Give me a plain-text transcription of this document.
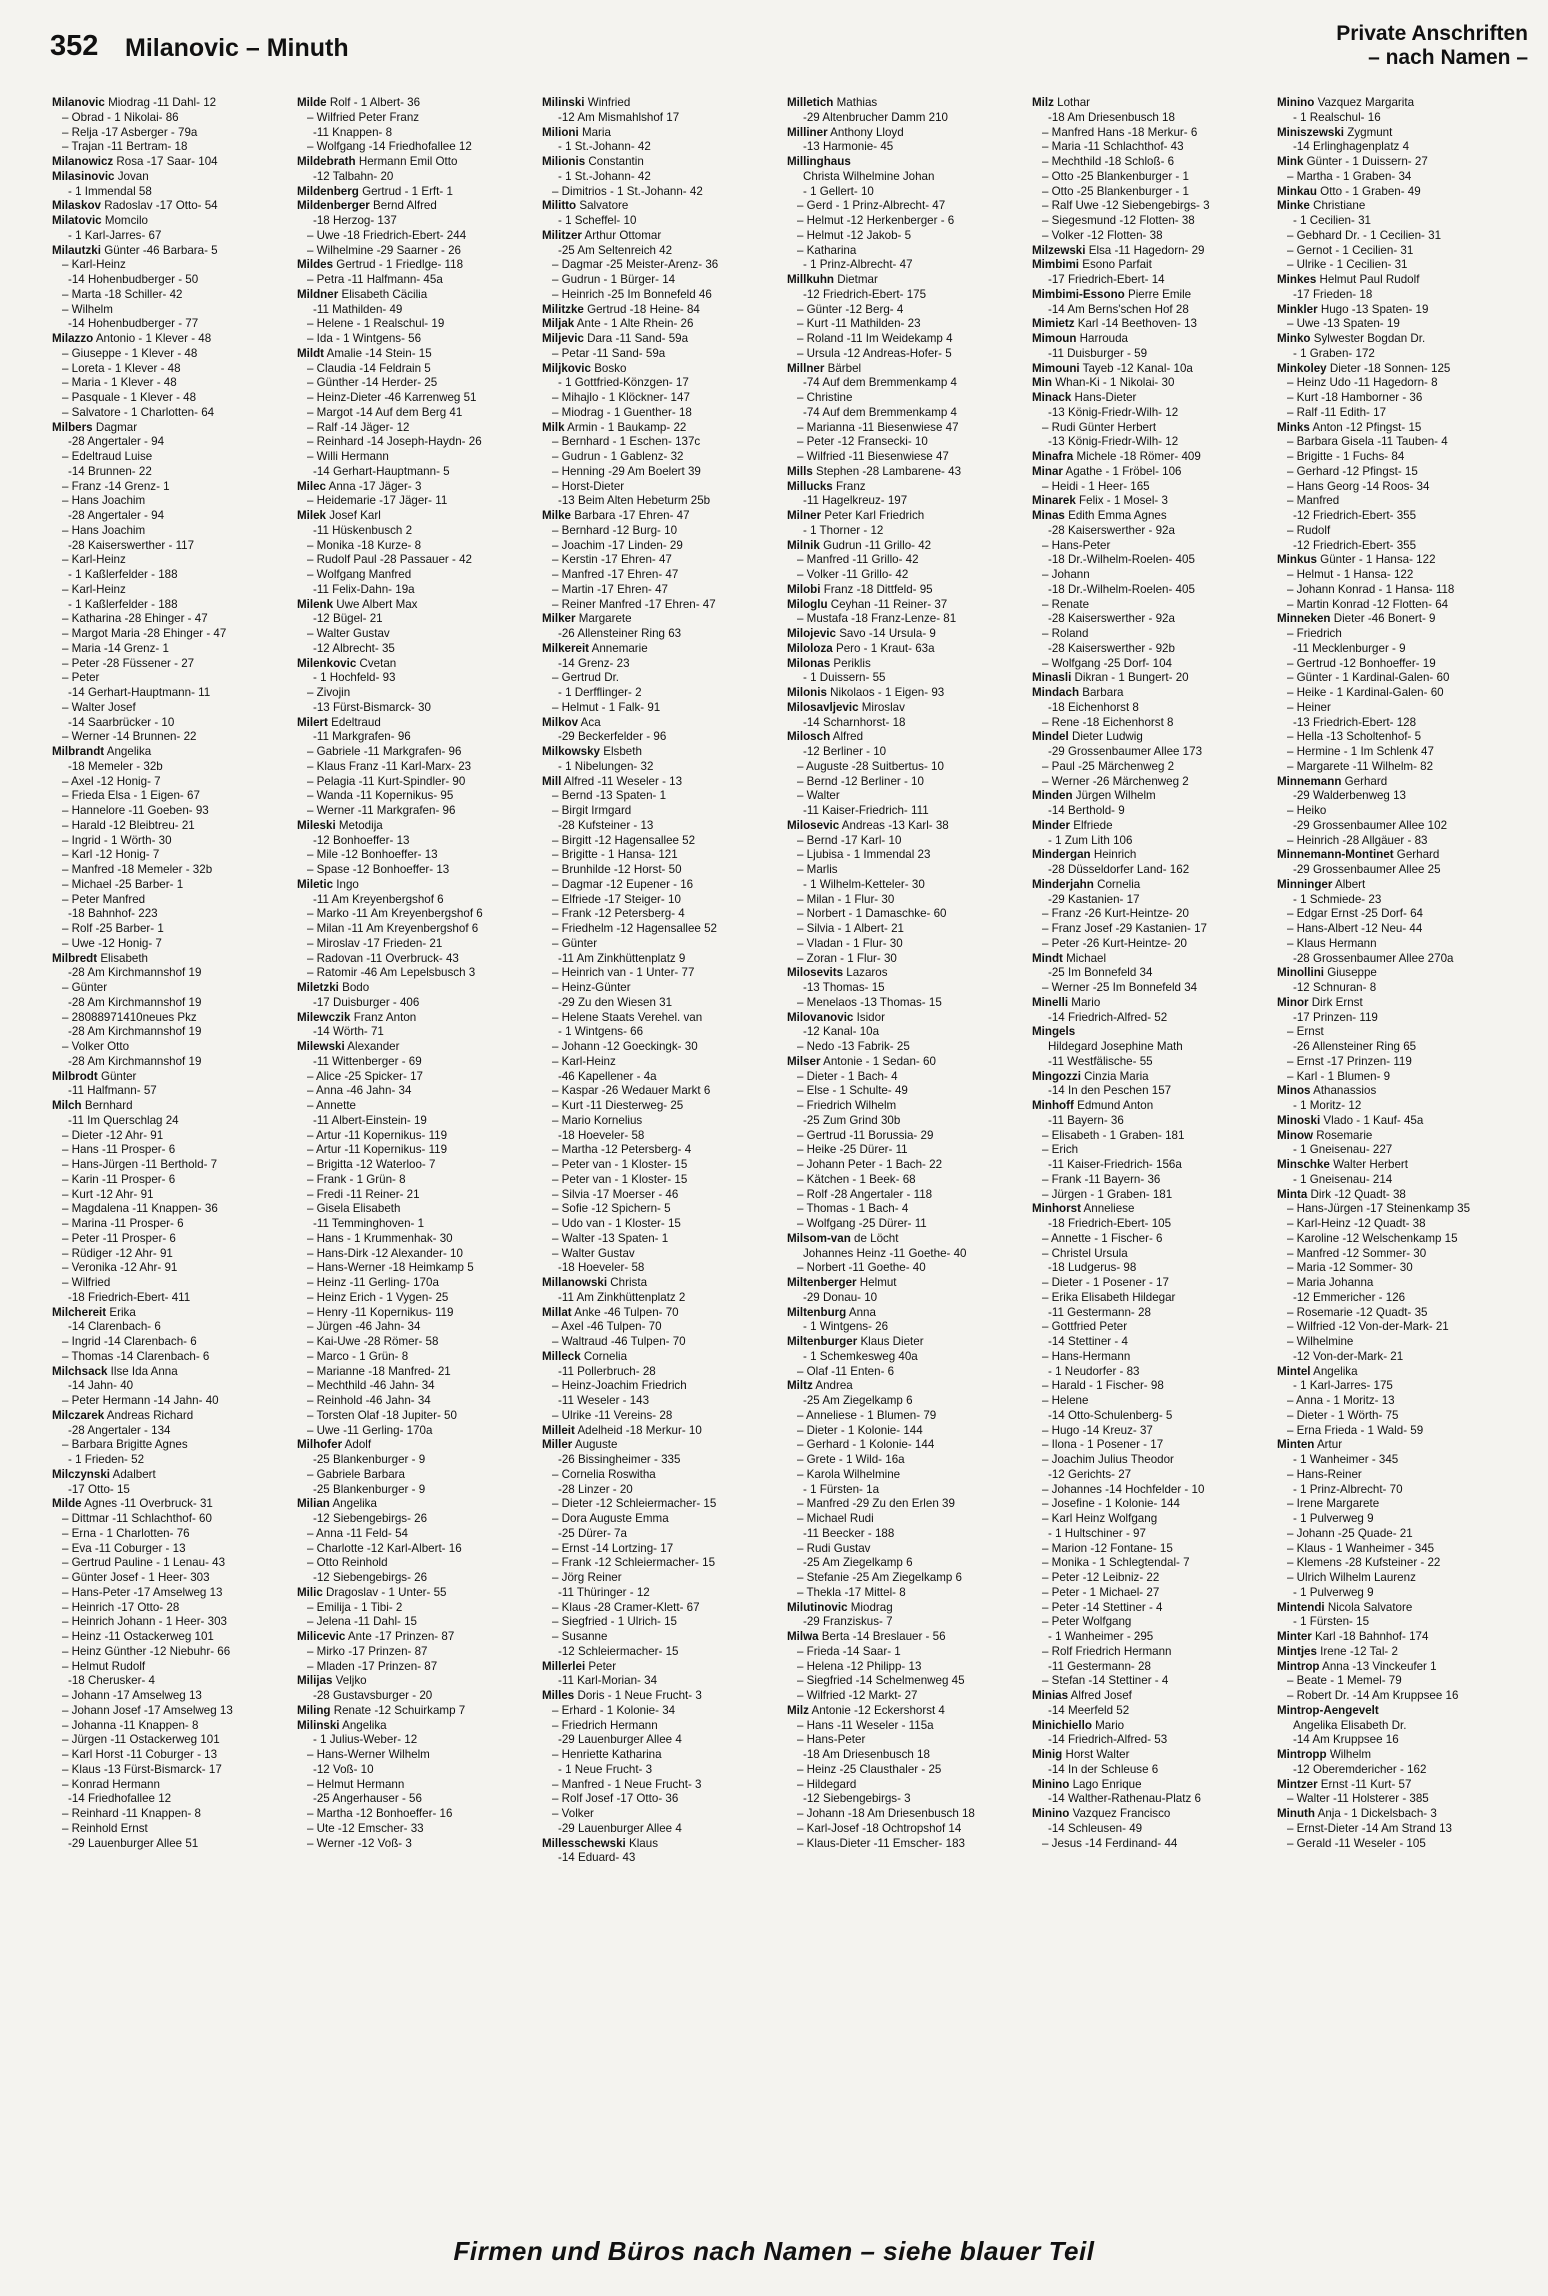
352 Milanovic – Minuth
Private Anschriften
– nach Namen –
Milanovic Miodrag -11 Dahl- 12
– Obrad - 1 Nikolai- 86
– Relja -17 Asberger - 79a
– Trajan -11 Bertram- 18
Milanowicz Rosa -17 Saar- 104
Milasinovic Jovan
- 1 Immendal 58
Milaskov Radoslav -17 Otto- 54
Milatovic Momcilo
- 1 Karl-Jarres- 67
Milautzki Günter -46 Barbara- 5
– Karl-Heinz
-14 Hohenbudberger - 50
– Marta -18 Schiller- 42
– Wilhelm
-14 Hohenbudberger - 77
Milazzo Antonio - 1 Klever - 48
– Giuseppe - 1 Klever - 48
– Loreta - 1 Klever - 48
– Maria - 1 Klever - 48
– Pasquale - 1 Klever - 48
– Salvatore - 1 Charlotten- 64
Milbers Dagmar
-28 Angertaler - 94
– Edeltraud Luise
-14 Brunnen- 22
– Franz -14 Grenz- 1
– Hans Joachim
-28 Angertaler - 94
– Hans Joachim
-28 Kaiserswerther - 117
– Karl-Heinz
- 1 Kaßlerfelder - 188
– Karl-Heinz
- 1 Kaßlerfelder - 188
– Katharina -28 Ehinger - 47
– Margot Maria -28 Ehinger - 47
– Maria -14 Grenz- 1
– Peter -28 Füssener - 27
– Peter
-14 Gerhart-Hauptmann- 11
– Walter Josef
-14 Saarbrücker - 10
– Werner -14 Brunnen- 22
Milbrandt Angelika
-18 Memeler - 32b
– Axel -12 Honig- 7
– Frieda Elsa - 1 Eigen- 67
– Hannelore -11 Goeben- 93
– Harald -12 Bleibtreu- 21
– Ingrid - 1 Wörth- 30
– Karl -12 Honig- 7
– Manfred -18 Memeler - 32b
– Michael -25 Barber- 1
– Peter Manfred
-18 Bahnhof- 223
– Rolf -25 Barber- 1
– Uwe -12 Honig- 7
Milbredt Elisabeth
-28 Am Kirchmannshof 19
– Günter
-28 Am Kirchmannshof 19
– 28088971410neues Pkz
-28 Am Kirchmannshof 19
– Volker Otto
-28 Am Kirchmannshof 19
Milbrodt Günter
-11 Halfmann- 57
Milch Bernhard
-11 Im Querschlag 24
– Dieter -12 Ahr- 91
– Hans -11 Prosper- 6
– Hans-Jürgen -11 Berthold- 7
– Karin -11 Prosper- 6
– Kurt -12 Ahr- 91
– Magdalena -11 Knappen- 36
– Marina -11 Prosper- 6
– Peter -11 Prosper- 6
– Rüdiger -12 Ahr- 91
– Veronika -12 Ahr- 91
– Wilfried
-18 Friedrich-Ebert- 411
Milchereit Erika
-14 Clarenbach- 6
– Ingrid -14 Clarenbach- 6
– Thomas -14 Clarenbach- 6
Milchsack Ilse Ida Anna
-14 Jahn- 40
– Peter Hermann -14 Jahn- 40
Milczarek Andreas Richard
-28 Angertaler - 134
– Barbara Brigitte Agnes
- 1 Frieden- 52
Milczynski Adalbert
-17 Otto- 15
Milde Agnes -11 Overbruck- 31
– Dittmar -11 Schlachthof- 60
– Erna - 1 Charlotten- 76
– Eva -11 Coburger - 13
– Gertrud Pauline - 1 Lenau- 43
– Günter Josef - 1 Heer- 303
– Hans-Peter -17 Amselweg 13
– Heinrich -17 Otto- 28
– Heinrich Johann - 1 Heer- 303
– Heinz -11 Ostackerweg 101
– Heinz Günther -12 Niebuhr- 66
– Helmut Rudolf
-18 Cherusker- 4
– Johann -17 Amselweg 13
– Johann Josef -17 Amselweg 13
– Johanna -11 Knappen- 8
– Jürgen -11 Ostackerweg 101
– Karl Horst -11 Coburger - 13
– Klaus -13 Fürst-Bismarck- 17
– Konrad Hermann
-14 Friedhofallee 12
– Reinhard -11 Knappen- 8
– Reinhold Ernst
-29 Lauenburger Allee 51
Milde Rolf - 1 Albert- 36
– Wilfried Peter Franz
-11 Knappen- 8
– Wolfgang -14 Friedhofallee 12
Mildebrath Hermann Emil Otto
-12 Talbahn- 20
Mildenberg Gertrud - 1 Erft- 1
Mildenberger Bernd Alfred
-18 Herzog- 137
– Uwe -18 Friedrich-Ebert- 244
– Wilhelmine -29 Saarner - 26
Mildes Gertrud - 1 Friedlge- 118
– Petra -11 Halfmann- 45a
Mildner Elisabeth Cäcilia
-11 Mathilden- 49
– Helene - 1 Realschul- 19
– Ida - 1 Wintgens- 56
Mildt Amalie -14 Stein- 15
– Claudia -14 Feldrain 5
– Günther -14 Herder- 25
– Heinz-Dieter -46 Karrenweg 51
– Margot -14 Auf dem Berg 41
– Ralf -14 Jäger- 12
– Reinhard -14 Joseph-Haydn- 26
– Willi Hermann
-14 Gerhart-Hauptmann- 5
Milec Anna -17 Jäger- 3
– Heidemarie -17 Jäger- 11
Milek Josef Karl
-11 Hüskenbusch 2
– Monika -18 Kurze- 8
– Rudolf Paul -28 Passauer - 42
– Wolfgang Manfred
-11 Felix-Dahn- 19a
Milenk Uwe Albert Max
-12 Bügel- 21
– Walter Gustav
-12 Albrecht- 35
Milenkovic Cvetan
- 1 Hochfeld- 93
– Zivojin
-13 Fürst-Bismarck- 30
Milert Edeltraud
-11 Markgrafen- 96
– Gabriele -11 Markgrafen- 96
– Klaus Franz -11 Karl-Marx- 23
– Pelagia -11 Kurt-Spindler- 90
– Wanda -11 Kopernikus- 95
– Werner -11 Markgrafen- 96
Mileski Metodija
-12 Bonhoeffer- 13
– Mile -12 Bonhoeffer- 13
– Spase -12 Bonhoeffer- 13
Miletic Ingo
-11 Am Kreyenbergshof 6
– Marko -11 Am Kreyenbergshof 6
– Milan -11 Am Kreyenbergshof 6
– Miroslav -17 Frieden- 21
– Radovan -11 Overbruck- 43
– Ratomir -46 Am Lepelsbusch 3
Miletzki Bodo
-17 Duisburger - 406
Milewczik Franz Anton
-14 Wörth- 71
Milewski Alexander
-11 Wittenberger - 69
– Alice -25 Spicker- 17
– Anna -46 Jahn- 34
– Annette
-11 Albert-Einstein- 19
– Artur -11 Kopernikus- 119
– Artur -11 Kopernikus- 119
– Brigitta -12 Waterloo- 7
– Frank - 1 Grün- 8
– Fredi -11 Reiner- 21
– Gisela Elisabeth
-11 Temminghoven- 1
– Hans - 1 Krummenhak- 30
– Hans-Dirk -12 Alexander- 10
– Hans-Werner -18 Heimkamp 5
– Heinz -11 Gerling- 170a
– Heinz Erich - 1 Vygen- 25
– Henry -11 Kopernikus- 119
– Jürgen -46 Jahn- 34
– Kai-Uwe -28 Römer- 58
– Marco - 1 Grün- 8
– Marianne -18 Manfred- 21
– Mechthild -46 Jahn- 34
– Reinhold -46 Jahn- 34
– Torsten Olaf -18 Jupiter- 50
– Uwe -11 Gerling- 170a
Milhofer Adolf
-25 Blankenburger - 9
– Gabriele Barbara
-25 Blankenburger - 9
Milian Angelika
-12 Siebengebirgs- 26
– Anna -11 Feld- 54
– Charlotte -12 Karl-Albert- 16
– Otto Reinhold
-12 Siebengebirgs- 26
Milic Dragoslav - 1 Unter- 55
– Emilija - 1 Tibi- 2
– Jelena -11 Dahl- 15
Milicevic Ante -17 Prinzen- 87
– Mirko -17 Prinzen- 87
– Mladen -17 Prinzen- 87
Milijas Veljko
-28 Gustavsburger - 20
Miling Renate -12 Schuirkamp 7
Milinski Angelika
- 1 Julius-Weber- 12
– Hans-Werner Wilhelm
-12 Voß- 10
– Helmut Hermann
-25 Angerhauser - 56
– Martha -12 Bonhoeffer- 16
– Ute -12 Emscher- 33
– Werner -12 Voß- 3
Milinski Winfried
-12 Am Mismahlshof 17
Milioni Maria
- 1 St.-Johann- 42
Milionis Constantin
- 1 St.-Johann- 42
– Dimitrios - 1 St.-Johann- 42
Militto Salvatore
- 1 Scheffel- 10
Militzer Arthur Ottomar
-25 Am Seltenreich 42
– Dagmar -25 Meister-Arenz- 36
– Gudrun - 1 Bürger- 14
– Heinrich -25 Im Bonnefeld 46
Militzke Gertrud -18 Heine- 84
Miljak Ante - 1 Alte Rhein- 26
Miljevic Dara -11 Sand- 59a
– Petar -11 Sand- 59a
Miljkovic Bosko
- 1 Gottfried-Könzgen- 17
– Mihajlo - 1 Klöckner- 147
– Miodrag - 1 Guenther- 18
Milk Armin - 1 Baukamp- 22
– Bernhard - 1 Eschen- 137c
– Gudrun - 1 Gablenz- 32
– Henning -29 Am Boelert 39
– Horst-Dieter
-13 Beim Alten Hebeturm 25b
Milke Barbara -17 Ehren- 47
– Bernhard -12 Burg- 10
– Joachim -17 Linden- 29
– Kerstin -17 Ehren- 47
– Manfred -17 Ehren- 47
– Martin -17 Ehren- 47
– Reiner Manfred -17 Ehren- 47
Milker Margarete
-26 Allensteiner Ring 63
Milkereit Annemarie
-14 Grenz- 23
– Gertrud Dr.
- 1 Derfflinger- 2
– Helmut - 1 Falk- 91
Milkov Aca
-29 Beckerfelder - 96
Milkowsky Elsbeth
- 1 Nibelungen- 32
Mill Alfred -11 Weseler - 13
– Bernd -13 Spaten- 1
– Birgit Irmgard
-28 Kufsteiner - 13
– Birgitt -12 Hagensallee 52
– Brigitte - 1 Hansa- 121
– Brunhilde -12 Horst- 50
– Dagmar -12 Eupener - 16
– Elfriede -17 Steiger- 10
– Frank -12 Petersberg- 4
– Friedhelm -12 Hagensallee 52
– Günter
-11 Am Zinkhüttenplatz 9
– Heinrich van - 1 Unter- 77
– Heinz-Günter
-29 Zu den Wiesen 31
– Helene Staats Verehel. van
- 1 Wintgens- 66
– Johann -12 Goeckingk- 30
– Karl-Heinz
-46 Kapellener - 4a
– Kaspar -26 Wedauer Markt 6
– Kurt -11 Diesterweg- 25
– Mario Kornelius
-18 Hoeveler- 58
– Martha -12 Petersberg- 4
– Peter van - 1 Kloster- 15
– Peter van - 1 Kloster- 15
– Silvia -17 Moerser - 46
– Sofie -12 Spichern- 5
– Udo van - 1 Kloster- 15
– Walter -13 Spaten- 1
– Walter Gustav
-18 Hoeveler- 58
Millanowski Christa
-11 Am Zinkhüttenplatz 2
Millat Anke -46 Tulpen- 70
– Axel -46 Tulpen- 70
– Waltraud -46 Tulpen- 70
Milleck Cornelia
-11 Pollerbruch- 28
– Heinz-Joachim Friedrich
-11 Weseler - 143
– Ulrike -11 Vereins- 28
Milleit Adelheid -18 Merkur- 10
Miller Auguste
-26 Bissingheimer - 335
– Cornelia Roswitha
-28 Linzer - 20
– Dieter -12 Schleiermacher- 15
– Dora Auguste Emma
-25 Dürer- 7a
– Ernst -14 Lortzing- 17
– Frank -12 Schleiermacher- 15
– Jörg Reiner
-11 Thüringer - 12
– Klaus -28 Cramer-Klett- 67
– Siegfried - 1 Ulrich- 15
– Susanne
-12 Schleiermacher- 15
Millerlei Peter
-11 Karl-Morian- 34
Milles Doris - 1 Neue Frucht- 3
– Erhard - 1 Kolonie- 34
– Friedrich Hermann
-29 Lauenburger Allee 4
– Henriette Katharina
- 1 Neue Frucht- 3
– Manfred - 1 Neue Frucht- 3
– Rolf Josef -17 Otto- 36
– Volker
-29 Lauenburger Allee 4
Millesschewski Klaus
-14 Eduard- 43
Milletich Mathias
-29 Altenbrucher Damm 210
Milliner Anthony Lloyd
-13 Harmonie- 45
Millinghaus
Christa Wilhelmine Johan
- 1 Gellert- 10
– Gerd - 1 Prinz-Albrecht- 47
– Helmut -12 Herkenberger - 6
– Helmut -12 Jakob- 5
– Katharina
- 1 Prinz-Albrecht- 47
Millkuhn Dietmar
-12 Friedrich-Ebert- 175
– Günter -12 Berg- 4
– Kurt -11 Mathilden- 23
– Roland -11 Im Weidekamp 4
– Ursula -12 Andreas-Hofer- 5
Millner Bärbel
-74 Auf dem Bremmenkamp 4
– Christine
-74 Auf dem Bremmenkamp 4
– Marianna -11 Biesenwiese 47
– Peter -12 Franseckі- 10
– Wilfried -11 Biesenwiese 47
Mills Stephen -28 Lambarene- 43
Millucks Franz
-11 Hagelkreuz- 197
Milner Peter Karl Friedrich
- 1 Thorner - 12
Milnik Gudrun -11 Grillo- 42
– Manfred -11 Grillo- 42
– Volker -11 Grillo- 42
Milobi Franz -18 Dittfeld- 95
Miloglu Ceyhan -11 Reiner- 37
– Mustafa -18 Franz-Lenze- 81
Milojevic Savo -14 Ursula- 9
Miloloza Pero - 1 Kraut- 63a
Milonas Periklis
- 1 Duissern- 55
Milonis Nikolaos - 1 Eigen- 93
Milosavljevic Miroslav
-14 Scharnhorst- 18
Milosch Alfred
-12 Berliner - 10
– Auguste -28 Suitbertus- 10
– Bernd -12 Berliner - 10
– Walter
-11 Kaiser-Friedrich- 111
Milosevic Andreas -13 Karl- 38
– Bernd -17 Karl- 10
– Ljubisa - 1 Immendal 23
– Marlis
- 1 Wilhelm-Ketteler- 30
– Milan - 1 Flur- 30
– Norbert - 1 Damaschke- 60
– Silvia - 1 Albert- 21
– Vladan - 1 Flur- 30
– Zoran - 1 Flur- 30
Milosevits Lazaros
-13 Thomas- 15
– Menelaos -13 Thomas- 15
Milovanovic Isidor
-12 Kanal- 10a
– Nedo -13 Fabrik- 25
Milser Antonie - 1 Sedan- 60
– Dieter - 1 Bach- 4
– Else - 1 Schulte- 49
– Friedrich Wilhelm
-25 Zum Grind 30b
– Gertrud -11 Borussia- 29
– Heike -25 Dürer- 11
– Johann Peter - 1 Bach- 22
– Kätchen - 1 Beek- 68
– Rolf -28 Angertaler - 118
– Thomas - 1 Bach- 4
– Wolfgang -25 Dürer- 11
Milsom-van de Löcht
Johannes Heinz -11 Goethe- 40
– Norbert -11 Goethe- 40
Miltenberger Helmut
-29 Donau- 10
Miltenburg Anna
- 1 Wintgens- 26
Miltenburger Klaus Dieter
- 1 Schemkesweg 40a
– Olaf -11 Enten- 6
Miltz Andrea
-25 Am Ziegelkamp 6
– Anneliese - 1 Blumen- 79
– Dieter - 1 Kolonie- 144
– Gerhard - 1 Kolonie- 144
– Grete - 1 Wild- 16a
– Karola Wilhelmine
- 1 Fürsten- 1a
– Manfred -29 Zu den Erlen 39
– Michael Rudi
-11 Beecker - 188
– Rudi Gustav
-25 Am Ziegelkamp 6
– Stefanie -25 Am Ziegelkamp 6
– Thekla -17 Mittel- 8
Milutinovic Miodrag
-29 Franziskus- 7
Milwa Berta -14 Breslauer - 56
– Frieda -14 Saar- 1
– Helena -12 Philipp- 13
– Siegfried -14 Schelmenweg 45
– Wilfried -12 Markt- 27
Milz Antonie -12 Eckershorst 4
– Hans -11 Weseler - 115a
– Hans-Peter
-18 Am Driesenbusch 18
– Heinz -25 Clausthaler - 25
– Hildegard
-12 Siebengebirgs- 3
– Johann -18 Am Driesenbusch 18
– Karl-Josef -18 Ochtropshof 14
– Klaus-Dieter -11 Emscher- 183
Milz Lothar
-18 Am Driesenbusch 18
– Manfred Hans -18 Merkur- 6
– Maria -11 Schlachthof- 43
– Mechthild -18 Schloß- 6
– Otto -25 Blankenburger - 1
– Otto -25 Blankenburger - 1
– Ralf Uwe -12 Siebengebirgs- 3
– Siegesmund -12 Flotten- 38
– Volker -12 Flotten- 38
Milzewski Elsa -11 Hagedorn- 29
Mimbimi Esono Parfait
-17 Friedrich-Ebert- 14
Mimbimi-Essono Pierre Emile
-14 Am Berns'schen Hof 28
Mimietz Karl -14 Beethoven- 13
Mimoun Harrouda
-11 Duisburger - 59
Mimouni Tayeb -12 Kanal- 10a
Min Whan-Ki - 1 Nikolai- 30
Minack Hans-Dieter
-13 König-Friedr-Wilh- 12
– Rudi Günter Herbert
-13 König-Friedr-Wilh- 12
Minafra Michele -18 Römer- 409
Minar Agathe - 1 Fröbel- 106
– Heidi - 1 Heer- 165
Minarek Felix - 1 Mosel- 3
Minas Edith Emma Agnes
-28 Kaiserswerther - 92a
– Hans-Peter
-18 Dr.-Wilhelm-Roelen- 405
– Johann
-18 Dr.-Wilhelm-Roelen- 405
– Renate
-28 Kaiserswerther - 92a
– Roland
-28 Kaiserswerther - 92b
– Wolfgang -25 Dorf- 104
Minasli Dikran - 1 Bungert- 20
Mindach Barbara
-18 Eichenhorst 8
– Rene -18 Eichenhorst 8
Mindel Dieter Ludwig
-29 Grossenbaumer Allee 173
– Paul -25 Märchenweg 2
– Werner -26 Märchenweg 2
Minden Jürgen Wilhelm
-14 Berthold- 9
Minder Elfriede
- 1 Zum Lith 106
Mindergan Heinrich
-28 Düsseldorfer Land- 162
Minderjahn Cornelia
-29 Kastanien- 17
– Franz -26 Kurt-Heintze- 20
– Franz Josef -29 Kastanien- 17
– Peter -26 Kurt-Heintze- 20
Mindt Michael
-25 Im Bonnefeld 34
– Werner -25 Im Bonnefeld 34
Minelli Mario
-14 Friedrich-Alfred- 52
Mingels
Hildegard Josephine Math
-11 Westfälische- 55
Mingozzi Cinzia Maria
-14 In den Peschen 157
Minhoff Edmund Anton
-11 Bayern- 36
– Elisabeth - 1 Graben- 181
– Erich
-11 Kaiser-Friedrich- 156a
– Frank -11 Bayern- 36
– Jürgen - 1 Graben- 181
Minhorst Anneliese
-18 Friedrich-Ebert- 105
– Annette - 1 Fischer- 6
– Christel Ursula
-18 Ludgerus- 98
– Dieter - 1 Posener - 17
– Erika Elisabeth Hildegar
-11 Gestermann- 28
– Gottfried Peter
-14 Stettiner - 4
– Hans-Hermann
- 1 Neudorfer - 83
– Harald - 1 Fischer- 98
– Helene
-14 Otto-Schulenberg- 5
– Hugo -14 Kreuz- 37
– Ilona - 1 Posener - 17
– Joachim Julius Theodor
-12 Gerichts- 27
– Johannes -14 Hochfelder - 10
– Josefine - 1 Kolonie- 144
– Karl Heinz Wolfgang
- 1 Hultschiner - 97
– Marion -12 Fontane- 15
– Monika - 1 Schlegtendal- 7
– Peter -12 Leibniz- 22
– Peter - 1 Michael- 27
– Peter -14 Stettiner - 4
– Peter Wolfgang
- 1 Wanheimer - 295
– Rolf Friedrich Hermann
-11 Gestermann- 28
– Stefan -14 Stettiner - 4
Minias Alfred Josef
-14 Meerfeld 52
Minichiello Mario
-14 Friedrich-Alfred- 53
Minig Horst Walter
-14 In der Schleuse 6
Minino Lago Enrique
-14 Walther-Rathenau-Platz 6
Minino Vazquez Francisco
-14 Schleusen- 49
– Jesus -14 Ferdinand- 44
Minino Vazquez Margarita
- 1 Realschul- 16
Miniszewski Zygmunt
-14 Erlinghagenplatz 4
Mink Günter - 1 Duissern- 27
– Martha - 1 Graben- 34
Minkau Otto - 1 Graben- 49
Minke Christiane
- 1 Cecilien- 31
– Gebhard Dr. - 1 Cecilien- 31
– Gernot - 1 Cecilien- 31
– Ulrike - 1 Cecilien- 31
Minkes Helmut Paul Rudolf
-17 Frieden- 18
Minkler Hugo -13 Spaten- 19
– Uwe -13 Spaten- 19
Minko Sylwester Bogdan Dr.
- 1 Graben- 172
Minkoley Dieter -18 Sonnen- 125
– Heinz Udo -11 Hagedorn- 8
– Kurt -18 Hamborner - 36
– Ralf -11 Edith- 17
Minks Anton -12 Pfingst- 15
– Barbara Gisela -11 Tauben- 4
– Brigitte - 1 Fuchs- 84
– Gerhard -12 Pfingst- 15
– Hans Georg -14 Roos- 34
– Manfred
-12 Friedrich-Ebert- 355
– Rudolf
-12 Friedrich-Ebert- 355
Minkus Günter - 1 Hansa- 122
– Helmut - 1 Hansa- 122
– Johann Konrad - 1 Hansa- 118
– Martin Konrad -12 Flotten- 64
Minneken Dieter -46 Bonert- 9
– Friedrich
-11 Mecklenburger - 9
– Gertrud -12 Bonhoeffer- 19
– Günter - 1 Kardinal-Galen- 60
– Heike - 1 Kardinal-Galen- 60
– Heiner
-13 Friedrich-Ebert- 128
– Hella -13 Scholtenhof- 5
– Hermine - 1 Im Schlenk 47
– Margarete -11 Wilhelm- 82
Minnemann Gerhard
-29 Walderbenweg 13
– Heiko
-29 Grossenbaumer Allee 102
– Heinrich -28 Allgäuer - 83
Minnemann-Montinet Gerhard
-29 Grossenbaumer Allee 25
Minninger Albert
- 1 Schmiede- 23
– Edgar Ernst -25 Dorf- 64
– Hans-Albert -12 Neu- 44
– Klaus Hermann
-28 Grossenbaumer Allee 270a
Minollini Giuseppe
-12 Schnuran- 8
Minor Dirk Ernst
-17 Prinzen- 119
– Ernst
-26 Allensteiner Ring 65
– Ernst -17 Prinzen- 119
– Karl - 1 Blumen- 9
Minos Athanassios
- 1 Moritz- 12
Minoski Vlado - 1 Kauf- 45a
Minow Rosemarie
- 1 Gneisenau- 227
Minschke Walter Herbert
- 1 Gneisenau- 214
Minta Dirk -12 Quadt- 38
– Hans-Jürgen -17 Steinenkamp 35
– Karl-Heinz -12 Quadt- 38
– Karoline -12 Welschenkamp 15
– Manfred -12 Sommer- 30
– Maria -12 Sommer- 30
– Maria Johanna
-12 Emmericher - 126
– Rosemarie -12 Quadt- 35
– Wilfried -12 Von-der-Mark- 21
– Wilhelmine
-12 Von-der-Mark- 21
Mintel Angelika
- 1 Karl-Jarres- 175
– Anna - 1 Moritz- 13
– Dieter - 1 Wörth- 75
– Erna Frieda - 1 Wald- 59
Minten Artur
- 1 Wanheimer - 345
– Hans-Reiner
- 1 Prinz-Albrecht- 70
– Irene Margarete
- 1 Pulverweg 9
– Johann -25 Quade- 21
– Klaus - 1 Wanheimer - 345
– Klemens -28 Kufsteiner - 22
– Ulrich Wilhelm Laurenz
- 1 Pulverweg 9
Mintendi Nicola Salvatore
- 1 Fürsten- 15
Minter Karl -18 Bahnhof- 174
Mintjes Irene -12 Tal- 2
Mintrop Anna -13 Vinckeufer 1
– Beate - 1 Memel- 79
– Robert Dr. -14 Am Kruppsee 16
Mintrop-Aengevelt
Angelika Elisabeth Dr.
-14 Am Kruppsee 16
Mintropp Wilhelm
-12 Oberemdericher - 162
Mintzer Ernst -11 Kurt- 57
– Walter -11 Holsterer - 385
Minuth Anja - 1 Dickelsbach- 3
– Ernst-Dieter -14 Am Strand 13
– Gerald -11 Weseler - 105
Firmen und Büros nach Namen – siehe blauer Teil
